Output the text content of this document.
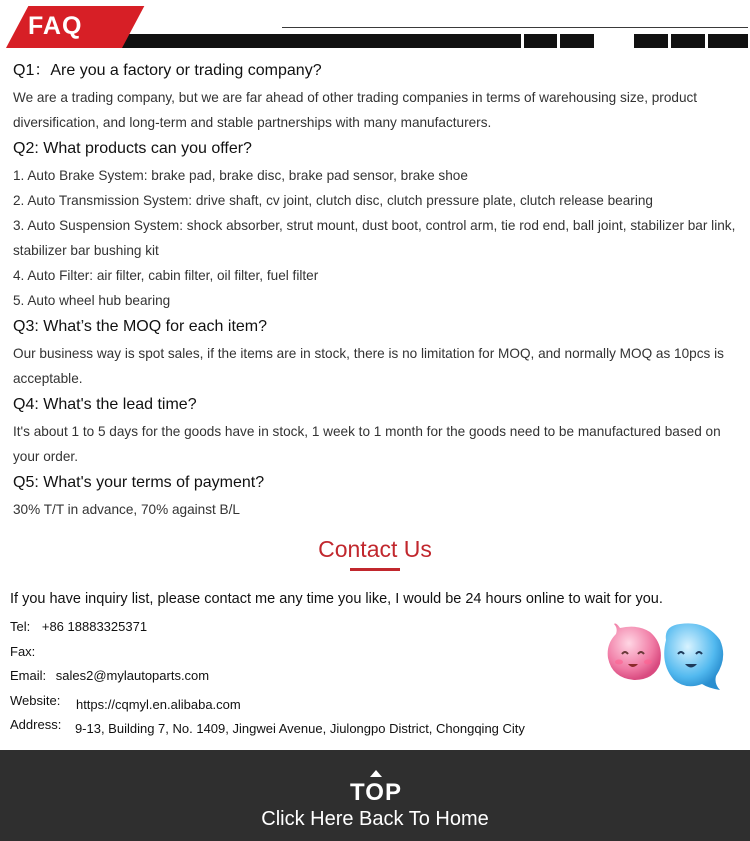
FAQ

Q1：Are you a factory or trading company?

We are a trading company, but we are far ahead of other trading companies in terms of warehousing size, product diversification, and long-term and stable partnerships with many manufacturers.

Q2: What products can you offer?

1. Auto Brake System: brake pad, brake disc, brake pad sensor, brake shoe

2. Auto Transmission System: drive shaft, cv joint, clutch disc, clutch pressure plate, clutch release bearing

3. Auto Suspension System: shock absorber, strut mount, dust boot, control arm, tie rod end, ball joint, stabilizer bar link, stabilizer bar bushing kit

4. Auto Filter: air filter, cabin filter, oil filter, fuel filter

5. Auto wheel hub bearing

Q3: What’s the MOQ for each item?

Our business way is spot sales, if the items are in stock, there is no limitation for MOQ, and normally MOQ as 10pcs is acceptable.

Q4: What's the lead time?

It's about 1 to 5 days for the goods have in stock, 1 week to 1 month for the goods need to be manufactured based on your order.

Q5: What's your terms of payment?

30% T/T in advance, 70% against B/L

Contact Us
If you have inquiry list, please contact me any time you like, I would be 24 hours online to wait for you.
Tel: +86 18883325371
Fax:
Email: sales2@mylautoparts.com
Website: https://cqmyl.en.alibaba.com
Address: 9-13, Building 7, No. 1409, Jingwei Avenue, Jiulongpo District, Chongqing City
TOP
Click Here Back To Home
